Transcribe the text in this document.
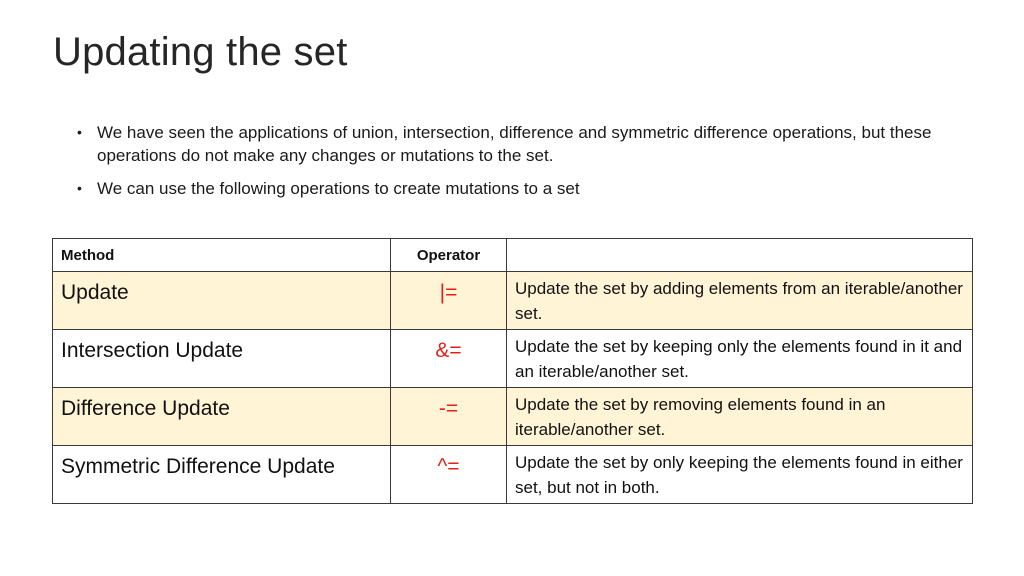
Updating the set
• We have seen the applications of union, intersection, difference and symmetric difference operations, but these operations do not make any changes or mutations to the set.
• We can use the following operations to create mutations to a set
Method	Operator	
Update	|=	Update the set by adding elements from an iterable/another set.
Intersection Update	&=	Update the set by keeping only the elements found in it and an iterable/another set.
Difference Update	-=	Update the set by removing elements found in an iterable/another set.
Symmetric Difference Update	^=	Update the set by only keeping the elements found in either set, but not in both.
